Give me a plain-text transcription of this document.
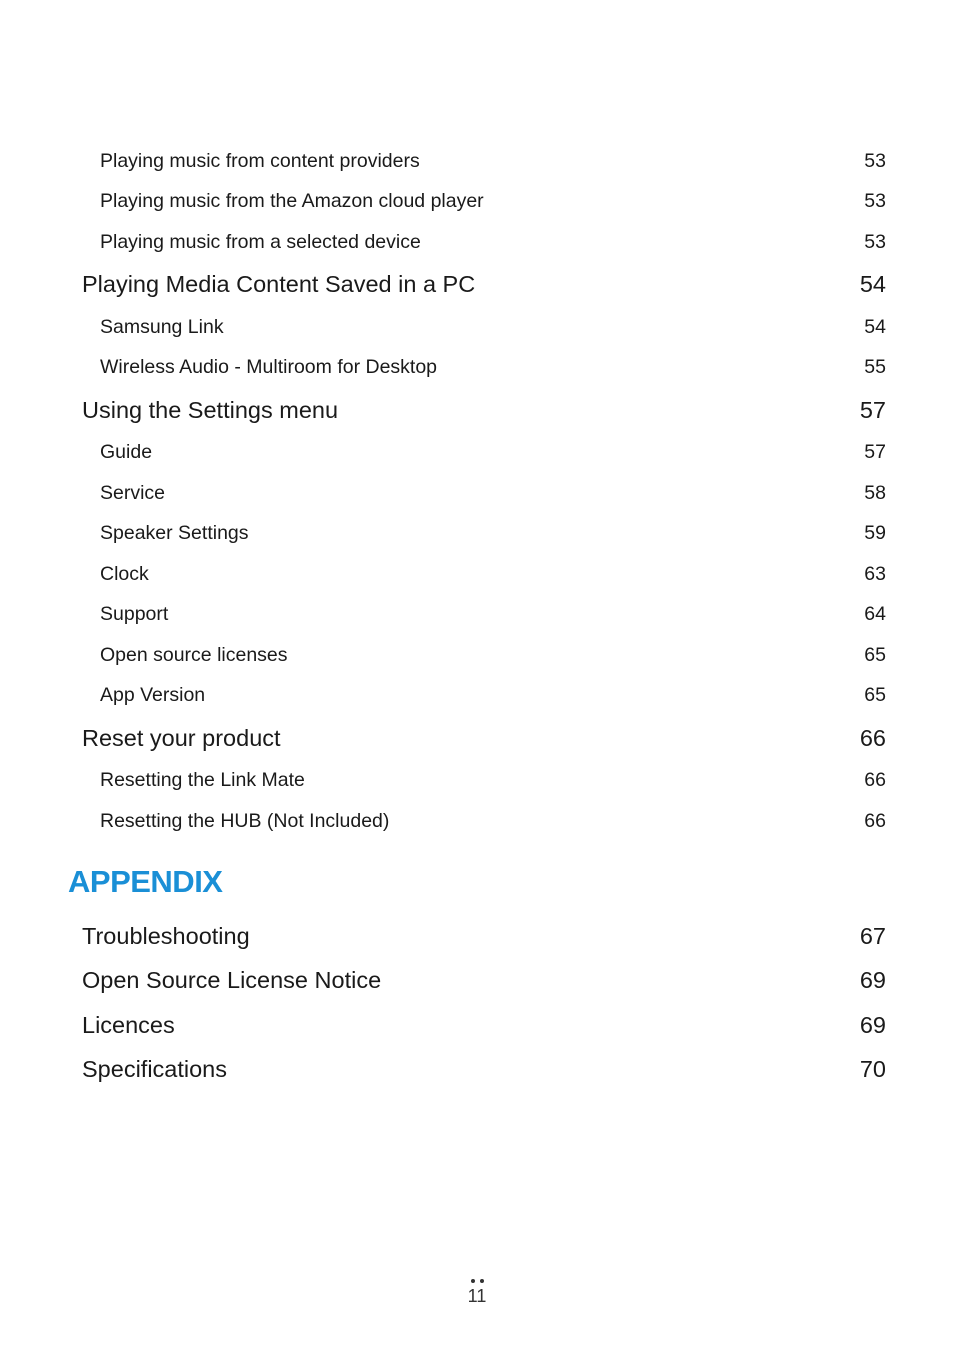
Playing music from content providers	53
Playing music from the Amazon cloud player	53
Playing music from a selected device	53
Playing Media Content Saved in a PC	54
Samsung Link	54
Wireless Audio - Multiroom for Desktop	55
Using the Settings menu	57
Guide	57
Service	58
Speaker Settings	59
Clock	63
Support	64
Open source licenses	65
App Version	65
Reset your product	66
Resetting the Link Mate	66
Resetting the HUB (Not Included)	66
APPENDIX
Troubleshooting	67
Open Source License Notice	69
Licences	69
Specifications	70
11
